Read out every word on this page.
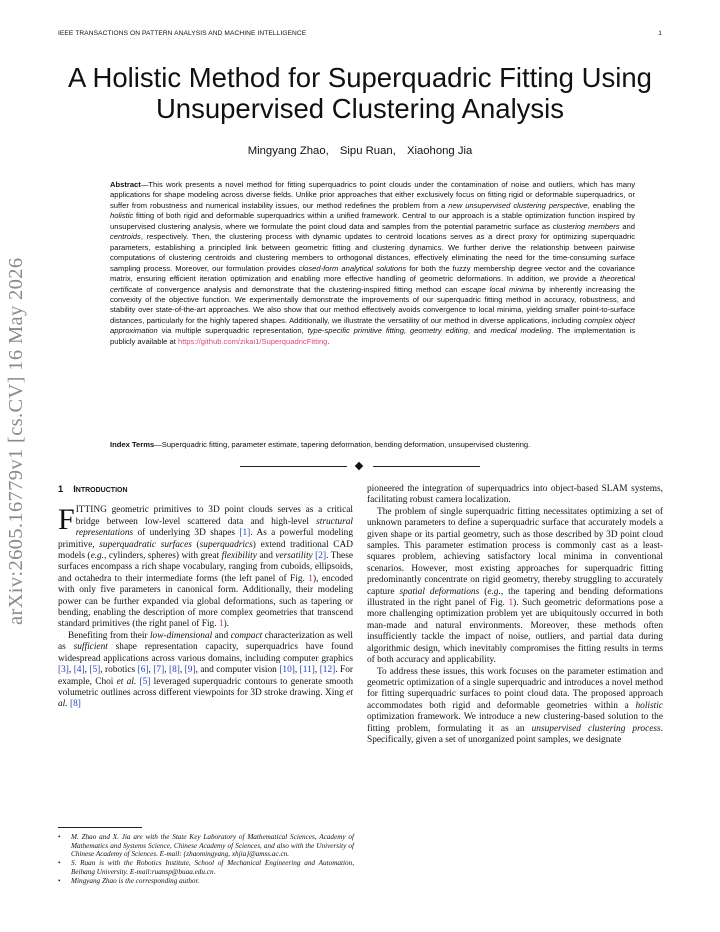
IEEE TRANSACTIONS ON PATTERN ANALYSIS AND MACHINE INTELLIGENCE	1
A Holistic Method for Superquadric Fitting Using Unsupervised Clustering Analysis
Mingyang Zhao, Sipu Ruan, Xiaohong Jia
Abstract—This work presents a novel method for fitting superquadrics to point clouds under the contamination of noise and outliers, which has many applications for shape modeling across diverse fields. Unlike prior approaches that either exclusively focus on fitting rigid or deformable superquadrics, or suffer from robustness and numerical instability issues, our method redefines the problem from a new unsupervised clustering perspective, enabling the holistic fitting of both rigid and deformable superquadrics within a unified framework. Central to our approach is a stable optimization function inspired by unsupervised clustering analysis, where we formulate the point cloud data and samples from the potential parametric surface as clustering members and centroids, respectively. Then, the clustering process with dynamic updates to centroid locations serves as a direct proxy for optimizing superquadric parameters, establishing a principled link between geometric fitting and clustering dynamics. We further derive the relationship between pairwise computations of clustering centroids and clustering members to orthogonal distances, effectively eliminating the need for the time-consuming surface sampling process. Moreover, our formulation provides closed-form analytical solutions for both the fuzzy membership degree vector and the covariance matrix, ensuring efficient iteration optimization and enabling more effective handling of geometric deformations. In addition, we provide a theoretical certificate of convergence analysis and demonstrate that the clustering-inspired fitting method can escape local minima by inherently increasing the convexity of the objective function. We experimentally demonstrate the improvements of our superquadric fitting method in accuracy, robustness, and stability over state-of-the-art approaches. We also show that our method effectively avoids convergence to local minima, yielding smaller point-to-surface distances, particularly for the highly tapered shapes. Additionally, we illustrate the versatility of our method in diverse applications, including complex object approximation via multiple superquadric representation, type-specific primitive fitting, geometry editing, and medical modeling. The implementation is publicly available at https://github.com/zikai1/SuperquadricFitting.
Index Terms—Superquadric fitting, parameter estimate, tapering deformation, bending deformation, unsupervised clustering.
arXiv:2605.16779v1 [cs.CV] 16 May 2026	1 Introduction

FITTING geometric primitives to 3D point clouds serves as a critical bridge between low-level scattered data and high-level structural representations of underlying 3D shapes [1]. As a powerful modeling primitive, superquadratic surfaces (superquadrics) extend traditional CAD models (e.g., cylinders, spheres) with great flexibility and versatility [2]. These surfaces encompass a rich shape vocabulary, ranging from cuboids, ellipsoids, and octahedra to their intermediate forms (the left panel of Fig. 1), encoded with only five parameters in canonical form. Additionally, their modeling power can be further expanded via global deformations, such as tapering or bending, enabling the description of more complex geometries that transcend standard primitives (the right panel of Fig. 1).

Benefiting from their low-dimensional and compact characterization as well as sufficient shape representation capacity, superquadrics have found widespread applications across various domains, including computer graphics [3], [4], [5], robotics [6], [7], [8], [9], and computer vision [10], [11], [12]. For example, Choi et al. [5] leveraged superquadric contours to generate smooth volumetric outlines across different viewpoints for 3D stroke drawing. Xing et al. [8]

pioneered the integration of superquadrics into object-based SLAM systems, facilitating robust camera localization.

The problem of single superquadric fitting necessitates optimizing a set of unknown parameters to define a superquadric surface that accurately models a given shape or its partial geometry, such as those described by 3D point cloud samples. This parameter estimation process is commonly cast as a least-squares problem, achieving satisfactory local minima in conventional scenarios. However, most existing approaches for superquadric fitting predominantly concentrate on rigid geometry, thereby struggling to accurately capture spatial deformations (e.g., the tapering and bending deformations illustrated in the right panel of Fig. 1). Such geometric deformations pose a more challenging optimization problem yet are ubiquitously occurred in both man-made and natural environments. Moreover, these methods often insufficiently tackle the impact of noise, outliers, and partial data during algorithmic design, which inevitably compromises the fitting results in terms of both accuracy and applicability.

To address these issues, this work focuses on the parameter estimation and geometric optimization of a single superquadric and introduces a novel method for fitting superquadric surfaces to point cloud data. The proposed approach accommodates both rigid and deformable geometries within a holistic optimization framework. We introduce a new clustering-based solution to the fitting problem, formulating it as an unsupervised clustering process. Specifically, given a set of unorganized point samples, we designate

• M. Zhao and X. Jia are with the State Key Laboratory of Mathematical Sciences, Academy of Mathematics and Systems Science, Chinese Academy of Sciences, and also with the University of Chinese Academy of Sciences. E-mail: {zhaomingyang, xhjia}@amss.ac.cn.
• S. Ruan is with the Robotics Institute, School of Mechanical Engineering and Automation, Beihang University. E-mail:ruansp@buaa.edu.cn.
• Mingyang Zhao is the corresponding author.
